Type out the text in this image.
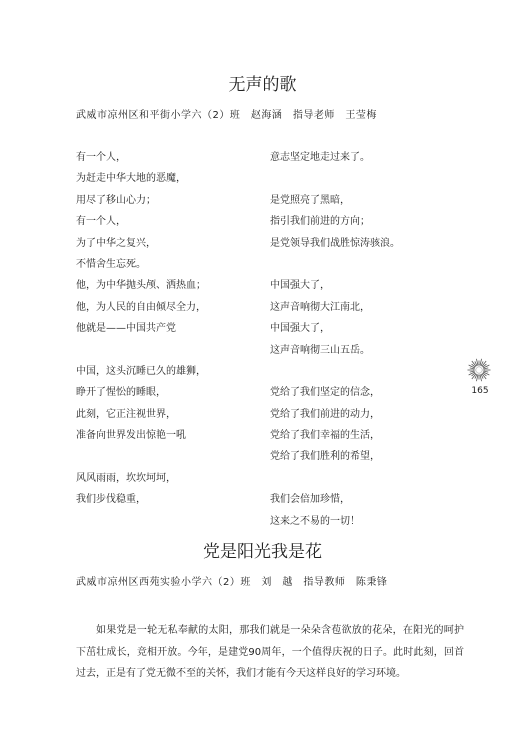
无声的歌
武威市凉州区和平街小学六（2）班　赵海涵　指导老师　王莹梅
有一个人，
为赶走中华大地的恶魔，
用尽了移山心力；
有一个人，
为了中华之复兴，
不惜舍生忘死。
他，为中华抛头颅、洒热血；
他，为人民的自由倾尽全力，
他就是——中国共产党
中国，这头沉睡已久的雄狮，
睁开了惺忪的睡眼，
此刻，它正注视世界，
准备向世界发出惊艳一吼
风风雨雨，坎坎坷坷，
我们步伐稳重，
意志坚定地走过来了。
是党照亮了黑暗，
指引我们前进的方向；
是党领导我们战胜惊涛骇浪。
中国强大了，
这声音响彻大江南北，
中国强大了，
这声音响彻三山五岳。
党给了我们坚定的信念，
党给了我们前进的动力，
党给了我们幸福的生活，
党给了我们胜利的希望，
我们会倍加珍惜，
这来之不易的一切！
165
党是阳光我是花
武威市凉州区西苑实验小学六（2）班　刘　越　指导教师　陈秉锋
如果党是一轮无私奉献的太阳，那我们就是一朵朵含苞欲放的花朵，在阳光的呵护下茁壮成长，竞相开放。今年，是建党90周年，一个值得庆祝的日子。此时此刻，回首过去，正是有了党无微不至的关怀，我们才能有今天这样良好的学习环境。
